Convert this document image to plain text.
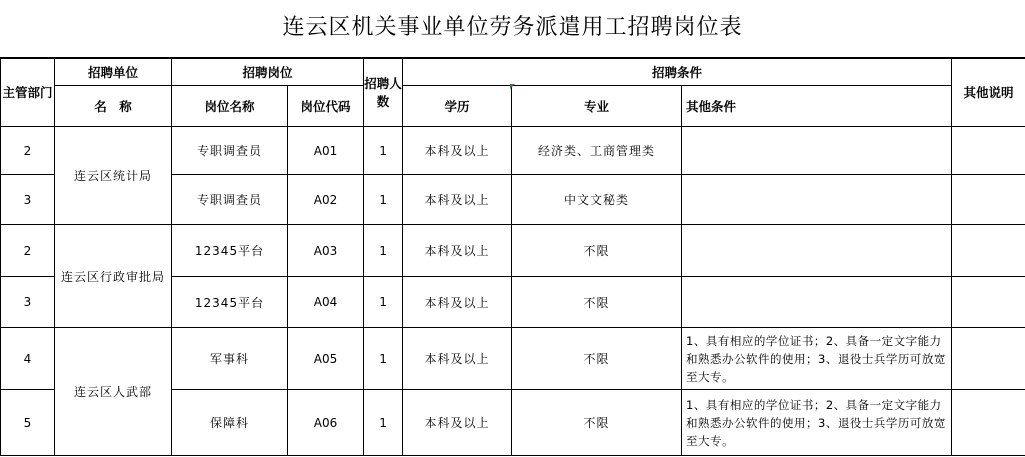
连云区机关事业单位劳务派遣用工招聘岗位表
主管部门	招聘单位	招聘岗位		招聘人数	招聘条件			其他说明
	名　称	岗位名称	岗位代码		学历	专业	其他条件	
2	连云区统计局	专职调查员	A01	1	本科及以上	经济类、工商管理类		
3		专职调查员	A02	1	本科及以上	中文文秘类		
2	连云区行政审批局	12345平台	A03	1	本科及以上	不限		
3		12345平台	A04	1	本科及以上	不限		
4	连云区人武部	军事科	A05	1	本科及以上	不限	1、具有相应的学位证书；2、具备一定文字能力和熟悉办公软件的使用；3、退役士兵学历可放宽至大专。	
5		保障科	A06	1	本科及以上	不限	1、具有相应的学位证书；2、具备一定文字能力和熟悉办公软件的使用；3、退役士兵学历可放宽至大专。	
